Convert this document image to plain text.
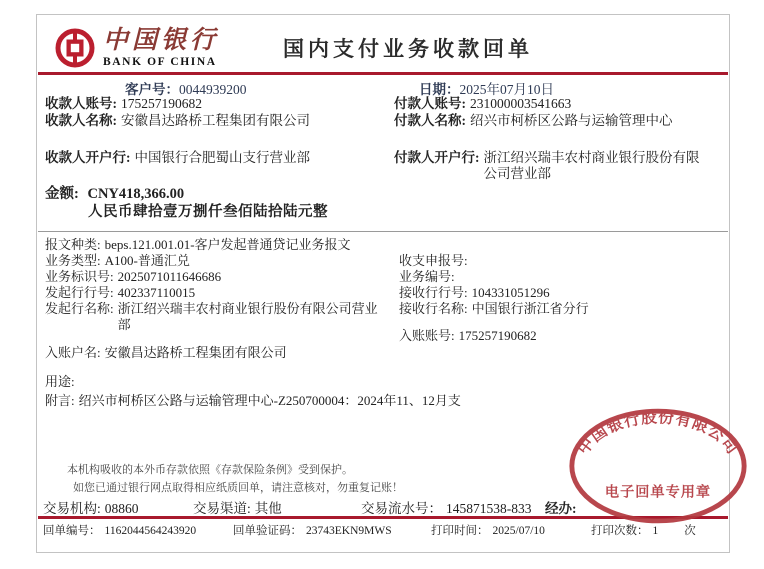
中国银行
BANK OF CHINA
国内支付业务收款回单
客户号：0044939200	日期：2025年07月10日
收款人账号: 175257190682
收款人名称: 安徽昌达路桥工程集团有限公司
收款人开户行: 中国银行合肥蜀山支行营业部
付款人账号: 231000003541663
付款人名称: 绍兴市柯桥区公路与运输管理中心
付款人开户行: 浙江绍兴瑞丰农村商业银行股份有限公司营业部
金额: CNY418,366.00
人民币肆拾壹万捌仟叁佰陆拾陆元整
报文种类: beps.121.001.01-客户发起普通贷记业务报文
业务类型: A100-普通汇兑
业务标识号: 2025071011646686
发起行行号: 402337110015
发起行名称: 浙江绍兴瑞丰农村商业银行股份有限公司营业部
收支申报号:
业务编号:
接收行行号: 104331051296
接收行名称: 中国银行浙江省分行
入账账号: 175257190682
入账户名: 安徽昌达路桥工程集团有限公司
用途:
附言: 绍兴市柯桥区公路与运输管理中心-Z250700004：2024年11、12月支
本机构吸收的本外币存款依照《存款保险条例》受到保护。
如您已通过银行网点取得相应纸质回单，请注意核对，勿重复记账！
中国银行股份有限公司
电子回单专用章
交易机构: 08860	交易渠道: 其他	交易流水号： 145871538-833 经办:
回单编号： 1162044564243920	回单验证码： 23743EKN9MWS	打印时间： 2025/07/10	打印次数： 1 次
